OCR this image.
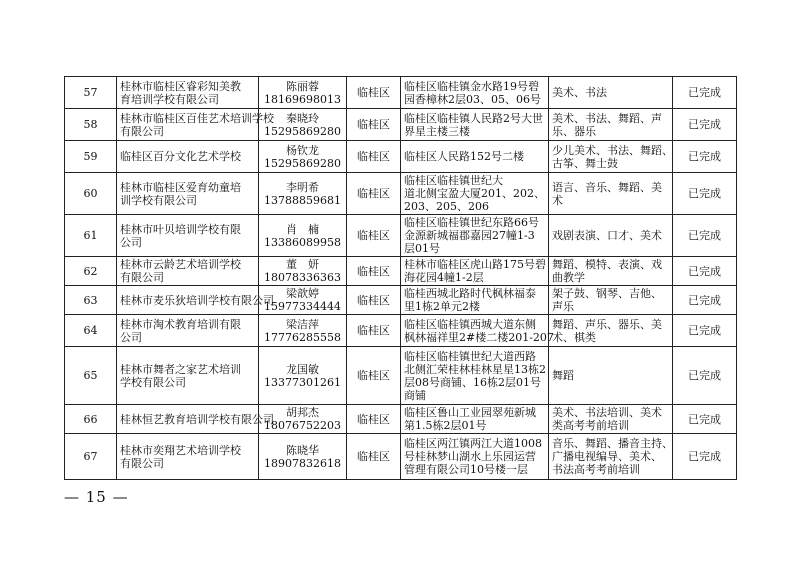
57	桂林市临桂区睿彩知美教
育培训学校有限公司	陈丽蓉
18169698013	临桂区	临桂区临桂镇金水路19号碧
园香樟林2层03、05、06号	美术、书法	已完成
58	桂林市临桂区百佳艺术培训学校
有限公司	秦晓玲
15295869280	临桂区	临桂区临桂镇人民路2号大世
界星主楼三楼	美术、书法、舞蹈、声
乐、器乐	已完成
59	临桂区百分文化艺术学校	杨钦龙
15295869280	临桂区	临桂区人民路152号二楼	少儿美术、书法、舞蹈、
古筝、舞士鼓	已完成
60	桂林市临桂区爱育幼童培
训学校有限公司	李明希
13788859681	临桂区	临桂区临桂镇世纪大
道北侧宝盈大厦201、202、
203、205、206	语言、音乐、舞蹈、美
术	已完成
61	桂林市叶贝培训学校有限
公司	肖　楠
13386089958	临桂区	临桂区临桂镇世纪东路66号
金源新城福郡嘉园27幢1-3
层01号	戏剧表演、口才、美术	已完成
62	桂林市云龄艺术培训学校
有限公司	董　妍
18078336363	临桂区	桂林市临桂区虎山路175号碧
海花园4幢1-2层	舞蹈、模特、表演、戏
曲教学	已完成
63	桂林市麦乐狄培训学校有限公司	梁歆婷
15977334444	临桂区	临桂西城北路时代枫林福泰
里1栋2单元2楼	架子鼓、钢琴、吉他、
声乐	已完成
64	桂林市淘术教育培训有限
公司	梁洁萍
17776285558	临桂区	临桂区临桂镇西城大道东侧
枫林福祥里2#楼二楼201-207	舞蹈、声乐、器乐、美
术、棋类	已完成
65	桂林市舞者之家艺术培训
学校有限公司	龙国敏
13377301261	临桂区	临桂区临桂镇世纪大道西路
北侧汇荣桂林桂林星星13栋2
层08号商铺、16栋2层01号
商铺	舞蹈	已完成
66	桂林恒艺教育培训学校有限公司	胡邦杰
18076752203	临桂区	临桂区鲁山工业园翠苑新城
第1.5栋2层01号	美术、书法培训、美术
类高考考前培训	已完成
67	桂林市奕翔艺术培训学校
有限公司	陈晓华
18907832618	临桂区	临桂区两江镇两江大道1008
号桂林梦山湖水上乐园运营
管理有限公司10号楼一层	音乐、舞蹈、播音主持、
广播电视编导、美术、
书法高考考前培训	已完成
— 15 —
